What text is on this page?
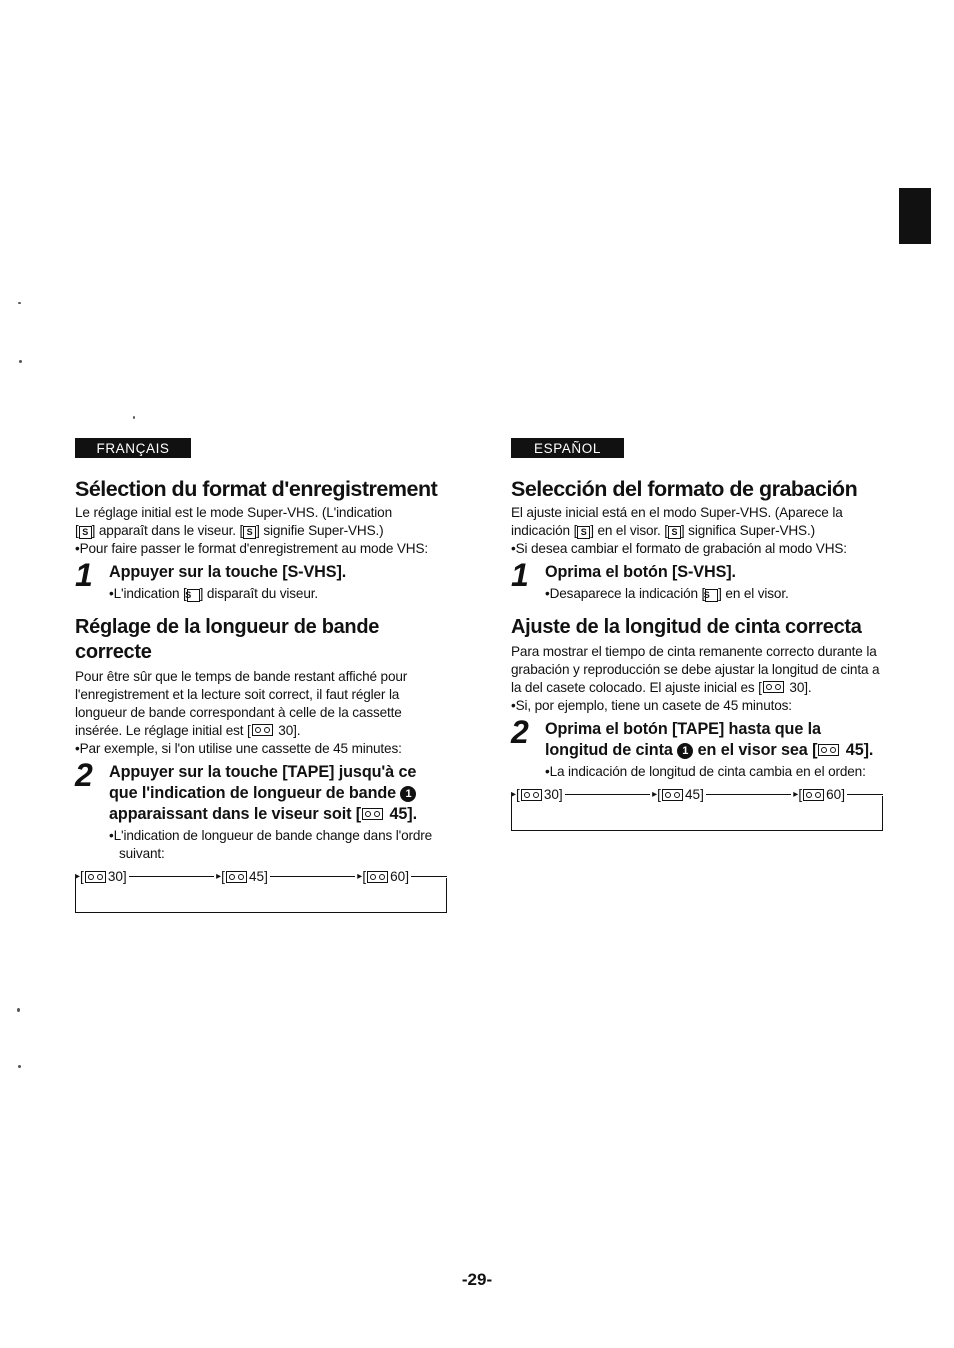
FRANÇAIS
Sélection du format d'enregistrement

Le réglage initial est le mode Super-VHS. (L'indication
[ S ] apparaît dans le viseur. [ S ] signifie Super-VHS.)

•Pour faire passer le format d'enregistrement au mode VHS:

1	Appuyer sur la touche [S-VHS].

•L'indication [S ] disparaît du viseur.

Réglage de la longueur de bande correcte

Pour être sûr que le temps de bande restant affiché pour l'enregistrement et la lecture soit correct, il faut régler la longueur de bande correspondant à celle de la cassette insérée. Le réglage initial est [ 30].

•Par exemple, si l'on utilise une cassette de 45 minutes:

2	Appuyer sur la touche [TAPE] jusqu'à ce que l'indication de longueur de bande 1 apparaissant dans le viseur soit [ 45].

•L'indication de longueur de bande change dans l'ordre suivant:

▸ [ 30]	▸ [ 45]	▸ [ 60]
ESPAÑOL
Selección del formato de grabación

El ajuste inicial está en el modo Super-VHS. (Aparece la
indicación [ S ] en el visor. [ S ] significa Super-VHS.)

•Si desea cambiar el formato de grabación al modo VHS:

1	Oprima el botón [S-VHS].

•Desaparece la indicación [S ] en el visor.

Ajuste de la longitud de cinta correcta

Para mostrar el tiempo de cinta remanente correcto durante la grabación y reproducción se debe ajustar la longitud de cinta a la del casete colocado. El ajuste inicial es [ 30].

•Si, por ejemplo, tiene un casete de 45 minutos:

2	Oprima el botón [TAPE] hasta que la longitud de cinta 1 en el visor sea [ 45].

•La indicación de longitud de cinta cambia en el orden:

▸ [ 30]	▸ [ 45]	▸ [ 60]
-29-
